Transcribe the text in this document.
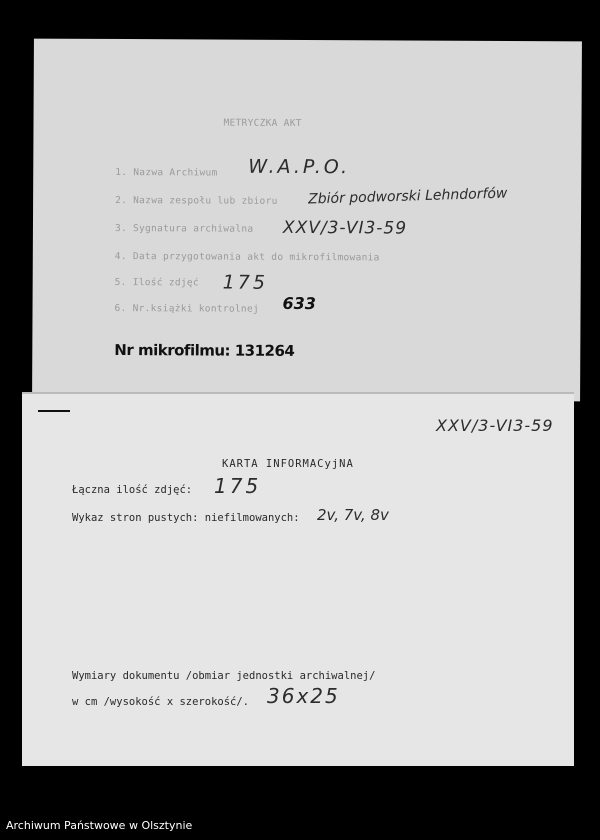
METRYCZKA AKT
1. Nazwa Archiwum W.A.P.O.
2. Nazwa zespołu lub zbioru Zbiór podworski Lehndorfów
3. Sygnatura archiwalna XXV/3-VI3-59
4. Data przygotowania akt do mikrofilmowania
5. Ilość zdjęć 175
6. Nr.książki kontrolnej 633
Nr mikrofilmu: 131264
XXV/3-VI3-59
KARTA INFORMACyjNA
Łączna ilość zdjęć: 175
Wykaz stron pustych: niefilmowanych: 2v, 7v, 8v
Wymiary dokumentu /obmiar jednostki archiwalnej/
w cm /wysokość x szerokość/. 36x25
Archiwum Państwowe w Olsztynie
